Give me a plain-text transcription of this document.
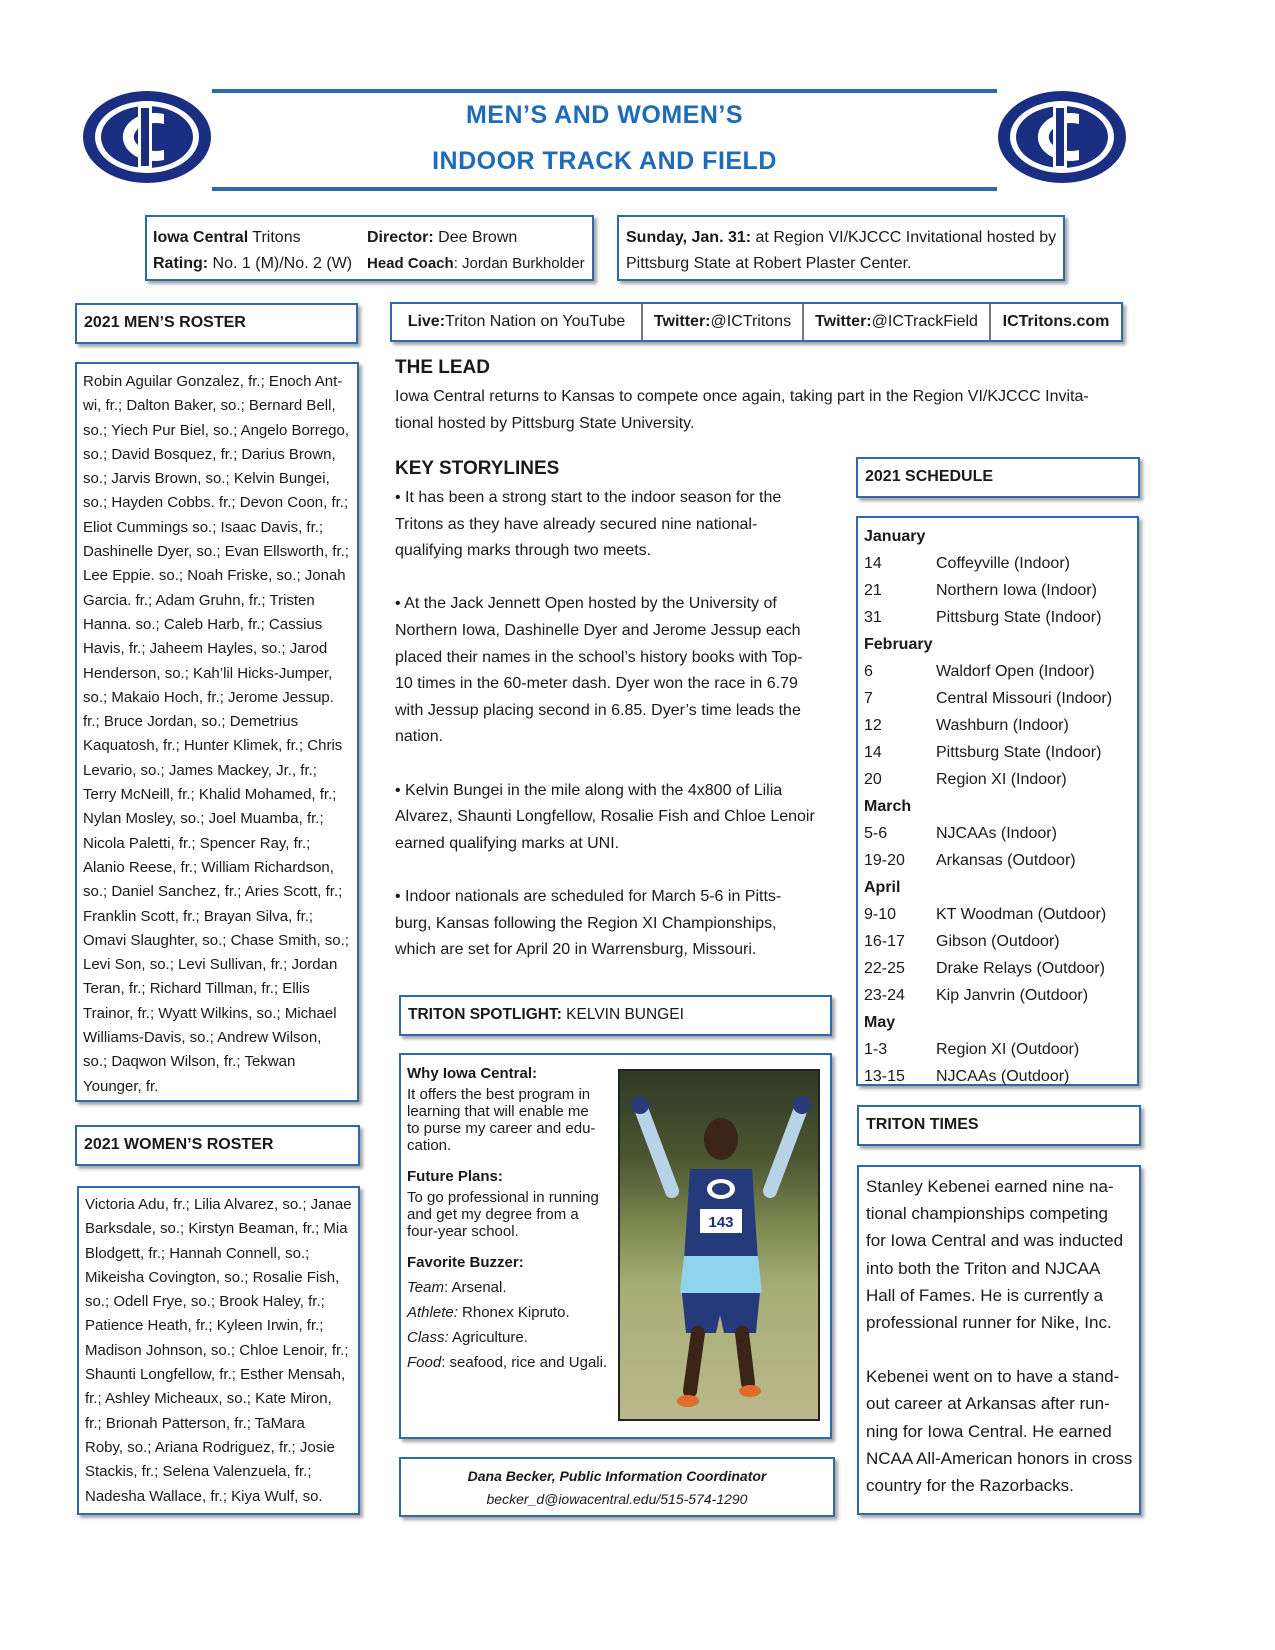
MEN’S AND WOMEN’S
INDOOR TRACK AND FIELD
Iowa Central Tritons
Rating: No. 1 (M)/No. 2 (W)
Director: Dee Brown
Head Coach: Jordan Burkholder
Sunday, Jan. 31: at Region VI/KJCCC Invitational hosted by
Pittsburg State at Robert Plaster Center.
Live: Triton Nation on YouTube Twitter: @ICTritons Twitter: @ICTrackField	ICTritons.com
2021 MEN’S ROSTER
Robin Aguilar Gonzalez, fr.; Enoch Ant-
wi, fr.; Dalton Baker, so.; Bernard Bell,
so.; Yiech Pur Biel, so.; Angelo Borrego,
so.; David Bosquez, fr.; Darius Brown,
so.; Jarvis Brown, so.; Kelvin Bungei,
so.; Hayden Cobbs. fr.; Devon Coon, fr.;
Eliot Cummings so.; Isaac Davis, fr.;
Dashinelle Dyer, so.; Evan Ellsworth, fr.;
Lee Eppie. so.; Noah Friske, so.; Jonah
Garcia. fr.; Adam Gruhn, fr.; Tristen
Hanna. so.; Caleb Harb, fr.; Cassius
Havis, fr.; Jaheem Hayles, so.; Jarod
Henderson, so.; Kah’lil Hicks-Jumper,
so.; Makaio Hoch, fr.; Jerome Jessup.
fr.; Bruce Jordan, so.; Demetrius
Kaquatosh, fr.; Hunter Klimek, fr.; Chris
Levario, so.; James Mackey, Jr., fr.;
Terry McNeill, fr.; Khalid Mohamed, fr.;
Nylan Mosley, so.; Joel Muamba, fr.;
Nicola Paletti, fr.; Spencer Ray, fr.;
Alanio Reese, fr.; William Richardson,
so.; Daniel Sanchez, fr.; Aries Scott, fr.;
Franklin Scott, fr.; Brayan Silva, fr.;
Omavi Slaughter, so.; Chase Smith, so.;
Levi Son, so.; Levi Sullivan, fr.; Jordan
Teran, fr.; Richard Tillman, fr.; Ellis
Trainor, fr.; Wyatt Wilkins, so.; Michael
Williams-Davis, so.; Andrew Wilson,
so.; Daqwon Wilson, fr.; Tekwan
Younger, fr.
2021 WOMEN’S ROSTER
Victoria Adu, fr.; Lilia Alvarez, so.; Janae
Barksdale, so.; Kirstyn Beaman, fr.; Mia
Blodgett, fr.; Hannah Connell, so.;
Mikeisha Covington, so.; Rosalie Fish,
so.; Odell Frye, so.; Brook Haley, fr.;
Patience Heath, fr.; Kyleen Irwin, fr.;
Madison Johnson, so.; Chloe Lenoir, fr.;
Shaunti Longfellow, fr.; Esther Mensah,
fr.; Ashley Micheaux, so.; Kate Miron,
fr.; Brionah Patterson, fr.; TaMara
Roby, so.; Ariana Rodriguez, fr.; Josie
Stackis, fr.; Selena Valenzuela, fr.;
Nadesha Wallace, fr.; Kiya Wulf, so.
THE LEAD
Iowa Central returns to Kansas to compete once again, taking part in the Region VI/KJCCC Invita-
tional hosted by Pittsburg State University.
KEY STORYLINES
• It has been a strong start to the indoor season for the
Tritons as they have already secured nine national-
qualifying marks through two meets.
• At the Jack Jennett Open hosted by the University of
Northern Iowa, Dashinelle Dyer and Jerome Jessup each
placed their names in the school’s history books with Top-
10 times in the 60-meter dash. Dyer won the race in 6.79
with Jessup placing second in 6.85. Dyer’s time leads the
nation.
• Kelvin Bungei in the mile along with the 4x800 of Lilia
Alvarez, Shaunti Longfellow, Rosalie Fish and Chloe Lenoir
earned qualifying marks at UNI.
• Indoor nationals are scheduled for March 5-6 in Pitts-
burg, Kansas following the Region XI Championships,
which are set for April 20 in Warrensburg, Missouri.
2021 SCHEDULE
January
14	Coffeyville (Indoor)
21	Northern Iowa (Indoor)
31	Pittsburg State (Indoor)
February
6	Waldorf Open (Indoor)
7	Central Missouri (Indoor)
12	Washburn (Indoor)
14	Pittsburg State (Indoor)
20	Region XI (Indoor)
March
5-6	NJCAAs (Indoor)
19-20	Arkansas (Outdoor)
April
9-10	KT Woodman (Outdoor)
16-17	Gibson (Outdoor)
22-25	Drake Relays (Outdoor)
23-24	Kip Janvrin (Outdoor)
May
1-3	Region XI (Outdoor)
13-15	NJCAAs (Outdoor)
TRITON SPOTLIGHT: KELVIN BUNGEI

Why Iowa Central:

It offers the best program in
learning that will enable me
to purse my career and edu-
cation.

Future Plans:

To go professional in running
and get my degree from a
four-year school.

Favorite Buzzer:

Team: Arsenal.

Athlete: Rhonex Kipruto.

Class: Agriculture.

Food: seafood, rice and Ugali.

143
Dana Becker, Public Information Coordinator
becker_d@iowacentral.edu/515-574-1290
TRITON TIMES
Stanley Kebenei earned nine na-
tional championships competing
for Iowa Central and was inducted
into both the Triton and NJCAA
Hall of Fames. He is currently a
professional runner for Nike, Inc.
Kebenei went on to have a stand-
out career at Arkansas after run-
ning for Iowa Central. He earned
NCAA All-American honors in cross
country for the Razorbacks.
